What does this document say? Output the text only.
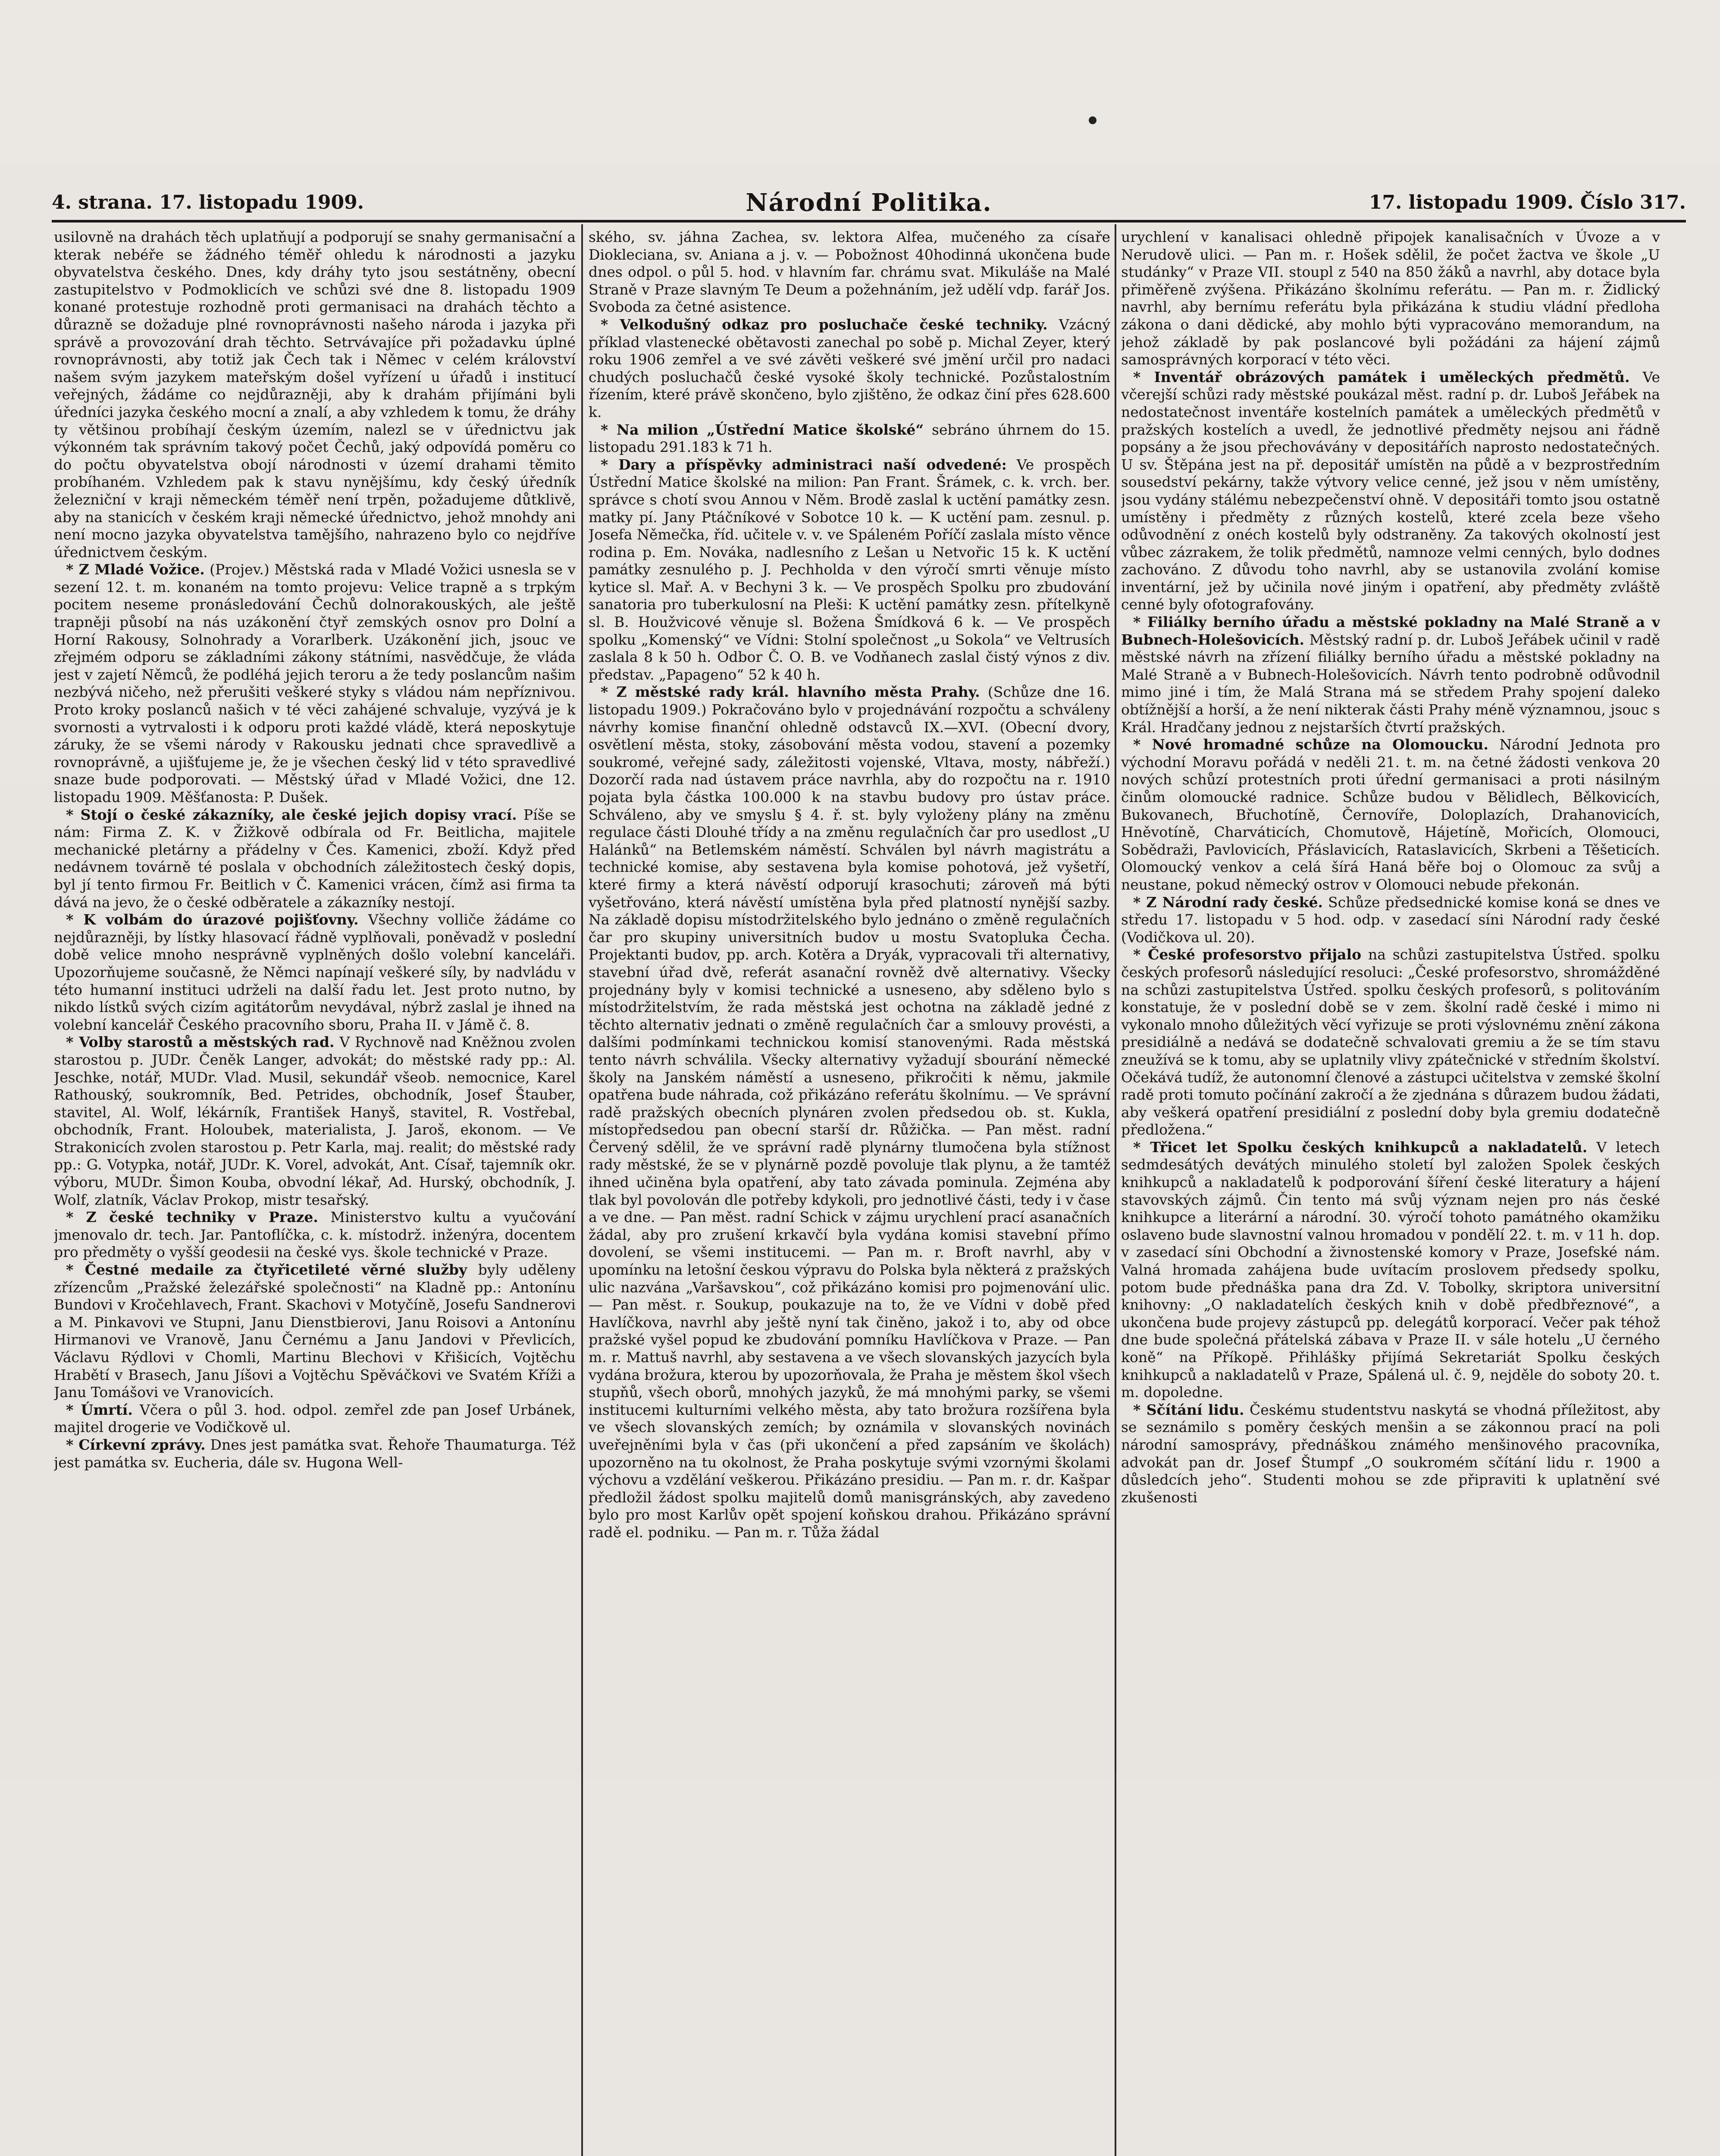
4. strana. 17. listopadu 1909.	Národní Politika.	17. listopadu 1909. Číslo 317.

usilovně na drahách těch uplatňují a podporují se snahy germanisační a kterak nebéře se žádného téměř ohledu k národnosti a jazyku obyvatelstva českého. Dnes, kdy dráhy tyto jsou sestátněny, obecní zastupitelstvo v Podmoklicích ve schůzi své dne 8. listopadu 1909 konané protestuje rozhodně proti germanisaci na drahách těchto a důrazně se dožaduje plné rovnoprávnosti našeho národa i jazyka při správě a provozování drah těchto. Setrvávajíce při požadavku úplné rovnoprávnosti, aby totiž jak Čech tak i Němec v celém království našem svým jazykem mateřským došel vyřízení u úřadů i institucí veřejných, žádáme co nejdůrazněji, aby k drahám přijímáni byli úředníci jazyka českého mocní a znalí, a aby vzhledem k tomu, že dráhy ty většinou probíhají českým územím, nalezl se v úřednictvu jak výkonném tak správním takový počet Čechů, jaký odpovídá poměru co do počtu obyvatelstva obojí národnosti v území drahami těmito probíhaném. Vzhledem pak k stavu nynějšímu, kdy český úředník železniční v kraji německém téměř není trpěn, požadujeme důtklivě, aby na stanicích v českém kraji německé úřednictvo, jehož mnohdy ani není mocno jazyka obyvatelstva tamějšího, nahrazeno bylo co nejdříve úřednictvem českým.

* Z Mladé Vožice. (Projev.) Městská rada v Mladé Vožici usnesla se v sezení 12. t. m. konaném na tomto projevu: Velice trapně a s trpkým pocitem neseme pronásledování Čechů dolnorakouských, ale ještě trapněji působí na nás uzákonění čtyř zemských osnov pro Dolní a Horní Rakousy, Solnohrady a Vorarlberk. Uzákonění jich, jsouc ve zřejmém odporu se základními zákony státními, nasvědčuje, že vláda jest v zajetí Němců, že podléhá jejich teroru a že tedy poslancům našim nezbývá ničeho, než přerušiti veškeré styky s vládou nám nepříznivou. Proto kroky poslanců našich v té věci zahájené schvaluje, vyzývá je k svornosti a vytrvalosti i k odporu proti každé vládě, která neposkytuje záruky, že se všemi národy v Rakousku jednati chce spravedlivě a rovnoprávně, a ujišťujeme je, že je všechen český lid v této spravedlivé snaze bude podporovati. — Městský úřad v Mladé Vožici, dne 12. listopadu 1909. Měšťanosta: P. Dušek.

* Stojí o české zákazníky, ale české jejich dopisy vrací. Píše se nám: Firma Z. K. v Žižkově odbírala od Fr. Beitlicha, majitele mechanické pletárny a přádelny v Čes. Kamenici, zboží. Když před nedávnem továrně té poslala v obchodních záležitostech český dopis, byl jí tento firmou Fr. Beitlich v Č. Kamenici vrácen, čímž asi firma ta dává na jevo, že o české odběratele a zákazníky nestojí.

* K volbám do úrazové pojišťovny. Všechny volliče žádáme co nejdůrazněji, by lístky hlasovací řádně vyplňovali, poněvadž v poslední době velice mnoho nesprávně vyplněných došlo volební kanceláři. Upozorňujeme současně, že Němci napínají veškeré síly, by nadvládu v této humanní instituci udrželi na další řadu let. Jest proto nutno, by nikdo lístků svých cizím agitátorům nevydával, nýbrž zaslal je ihned na volební kancelář Českého pracovního sboru, Praha II. v Jámě č. 8.

* Volby starostů a městských rad. V Rychnově nad Kněžnou zvolen starostou p. JUDr. Čeněk Langer, advokát; do městské rady pp.: Al. Jeschke, notář, MUDr. Vlad. Musil, sekundář všeob. nemocnice, Karel Rathouský, soukromník, Bed. Petrides, obchodník, Josef Štauber, stavitel, Al. Wolf, lékárník, František Hanyš, stavitel, R. Vostřebal, obchodník, Frant. Holoubek, materialista, J. Jaroš, ekonom. — Ve Strakonicích zvolen starostou p. Petr Karla, maj. realit; do městské rady pp.: G. Votypka, notář, JUDr. K. Vorel, advokát, Ant. Císař, tajemník okr. výboru, MUDr. Šimon Kouba, obvodní lékař, Ad. Hurský, obchodník, J. Wolf, zlatník, Václav Prokop, mistr tesařský.

* Z české techniky v Praze. Ministerstvo kultu a vyučování jmenovalo dr. tech. Jar. Pantoflíčka, c. k. místodrž. inženýra, docentem pro předměty o vyšší geodesii na české vys. škole technické v Praze.

* Čestné medaile za čtyřicetileté věrné služby byly uděleny zřízencům „Pražské železářské společnosti“ na Kladně pp.: Antonínu Bundovi v Kročehlavech, Frant. Skachovi v Motyčíně, Josefu Sandnerovi a M. Pinkavovi ve Stupni, Janu Dienstbierovi, Janu Roisovi a Antonínu Hirmanovi ve Vranově, Janu Černému a Janu Jandovi v Převlicích, Václavu Rýdlovi v Chomli, Martinu Blechovi v Křišicích, Vojtěchu Hrabětí v Brasech, Janu Jíšovi a Vojtěchu Spěváčkovi ve Svatém Kříži a Janu Tomášovi ve Vranovicích.

* Úmrtí. Včera o půl 3. hod. odpol. zemřel zde pan Josef Urbánek, majitel drogerie ve Vodičkově ul.

* Církevní zprávy. Dnes jest památka svat. Řehoře Thaumaturga. Též jest památka sv. Eucheria, dále sv. Hugona Well-

ského, sv. jáhna Zachea, sv. lektora Alfea, mučeného za císaře Diokleciana, sv. Aniana a j. v. — Pobožnost 40hodinná ukončena bude dnes odpol. o půl 5. hod. v hlavním far. chrámu svat. Mikuláše na Malé Straně v Praze slavným Te Deum a požehnáním, jež udělí vdp. farář Jos. Svoboda za četné asistence.

* Velkodušný odkaz pro posluchače české techniky. Vzácný příklad vlastenecké obětavosti zanechal po sobě p. Michal Zeyer, který roku 1906 zemřel a ve své závěti veškeré své jmění určil pro nadaci chudých posluchačů české vysoké školy technické. Pozůstalostním řízením, které právě skončeno, bylo zjištěno, že odkaz činí přes 628.600 k.

* Na milion „Ústřední Matice školské“ sebráno úhrnem do 15. listopadu 291.183 k 71 h.

* Dary a příspěvky administraci naší odvedené: Ve prospěch Ústřední Matice školské na milion: Pan Frant. Šrámek, c. k. vrch. ber. správce s chotí svou Annou v Něm. Brodě zaslal k uctění památky zesn. matky pí. Jany Ptáčníkové v Sobotce 10 k. — K uctění pam. zesnul. p. Josefa Němečka, říd. učitele v. v. ve Spáleném Poříčí zaslala místo věnce rodina p. Em. Nováka, nadlesního z Lešan u Netvořic 15 k. K uctění památky zesnulého p. J. Pechholda v den výročí smrti věnuje místo kytice sl. Mař. A. v Bechyni 3 k. — Ve prospěch Spolku pro zbudování sanatoria pro tuberkulosní na Pleši: K uctění památky zesn. přítelkyně sl. B. Houžvicové věnuje sl. Božena Šmídková 6 k. — Ve prospěch spolku „Komenský“ ve Vídni: Stolní společnost „u Sokola“ ve Veltrusích zaslala 8 k 50 h. Odbor Č. O. B. ve Vodňanech zaslal čistý výnos z div. představ. „Papageno“ 52 k 40 h.

* Z městské rady král. hlavního města Prahy. (Schůze dne 16. listopadu 1909.) Pokračováno bylo v projednávání rozpočtu a schváleny návrhy komise finanční ohledně odstavců IX.—XVI. (Obecní dvory, osvětlení města, stoky, zásobování města vodou, stavení a pozemky soukromé, veřejné sady, záležitosti vojenské, Vltava, mosty, nábřeží.) Dozorčí rada nad ústavem práce navrhla, aby do rozpočtu na r. 1910 pojata byla částka 100.000 k na stavbu budovy pro ústav práce. Schváleno, aby ve smyslu § 4. ř. st. byly vyloženy plány na změnu regulace části Dlouhé třídy a na změnu regulačních čar pro usedlost „U Halánků“ na Betlemském náměstí. Schválen byl návrh magistrátu a technické komise, aby sestavena byla komise pohotová, jež vyšetří, které firmy a která návěstí odporují krasochuti; zároveň má býti vyšetřováno, která návěstí umístěna byla před platností nynější sazby. Na základě dopisu místodržitelského bylo jednáno o změně regulačních čar pro skupiny universitních budov u mostu Svatopluka Čecha. Projektanti budov, pp. arch. Kotěra a Dryák, vypracovali tři alternativy, stavební úřad dvě, referát asanační rovněž dvě alternativy. Všecky projednány byly v komisi technické a usneseno, aby sděleno bylo s místodržitelstvím, že rada městská jest ochotna na základě jedné z těchto alternativ jednati o změně regulačních čar a smlouvy provésti, a dalšími podmínkami technickou komisí stanovenými. Rada městská tento návrh schválila. Všecky alternativy vyžadují sbourání německé školy na Janském náměstí a usneseno, přikročiti k němu, jakmile opatřena bude náhrada, což přikázáno referátu školnímu. — Ve správní radě pražských obecních plynáren zvolen předsedou ob. st. Kukla, místopředsedou pan obecní starší dr. Růžička. — Pan měst. radní Červený sdělil, že ve správní radě plynárny tlumočena byla stížnost rady městské, že se v plynárně pozdě povoluje tlak plynu, a že tamtéž ihned učiněna byla opatření, aby tato závada pominula. Zejména aby tlak byl povolován dle potřeby kdykoli, pro jednotlivé části, tedy i v čase a ve dne. — Pan měst. radní Schick v zájmu urychlení prací asanačních žádal, aby pro zrušení krkavčí byla vydána komisi stavební přímo dovolení, se všemi institucemi. — Pan m. r. Broft navrhl, aby v upomínku na letošní českou výpravu do Polska byla některá z pražských ulic nazvána „Varšavskou“, což přikázáno komisi pro pojmenování ulic. — Pan měst. r. Soukup, poukazuje na to, že ve Vídni v době před Havlíčkova, navrhl aby ještě nyní tak činěno, jakož i to, aby od obce pražské vyšel popud ke zbudování pomníku Havlíčkova v Praze. — Pan m. r. Mattuš navrhl, aby sestavena a ve všech slovanských jazycích byla vydána brožura, kterou by upozorňovala, že Praha je městem škol všech stupňů, všech oborů, mnohých jazyků, že má mnohými parky, se všemi institucemi kulturními velkého města, aby tato brožura rozšířena byla ve všech slovanských zemích; by oznámila v slovanských novinách uveřejněními byla v čas (při ukončení a před zapsáním ve školách) upozorněno na tu okolnost, že Praha poskytuje svými vzornými školami výchovu a vzdělání veškerou. Přikázáno presidiu. — Pan m. r. dr. Kašpar předložil žádost spolku majitelů domů manisgránských, aby zavedeno bylo pro most Karlův opět spojení koňskou drahou. Přikázáno správní radě el. podniku. — Pan m. r. Tůža žádal

urychlení v kanalisaci ohledně připojek kanalisačních v Úvoze a v Nerudově ulici. — Pan m. r. Hošek sdělil, že počet žactva ve škole „U studánky“ v Praze VII. stoupl z 540 na 850 žáků a navrhl, aby dotace byla přiměřeně zvýšena. Přikázáno školnímu referátu. — Pan m. r. Židlický navrhl, aby bernímu referátu byla přikázána k studiu vládní předloha zákona o dani dědické, aby mohlo býti vypracováno memorandum, na jehož základě by pak poslancové byli požádáni za hájení zájmů samosprávných korporací v této věci.

* Inventář obrázových památek i uměleckých předmětů. Ve včerejší schůzi rady městské poukázal měst. radní p. dr. Luboš Jeřábek na nedostatečnost inventáře kostelních památek a uměleckých předmětů v pražských kostelích a uvedl, že jednotlivé předměty nejsou ani řádně popsány a že jsou přechovávány v depositářích naprosto nedostatečných. U sv. Štěpána jest na př. depositář umístěn na půdě a v bezprostředním sousedství pekárny, takže výtvory velice cenné, jež jsou v něm umístěny, jsou vydány stálému nebezpečenství ohně. V depositáři tomto jsou ostatně umístěny i předměty z různých kostelů, které zcela beze všeho odůvodnění z onéch kostelů byly odstraněny. Za takových okolností jest vůbec zázrakem, že tolik předmětů, namnoze velmi cenných, bylo dodnes zachováno. Z důvodu toho navrhl, aby se ustanovila zvolání komise inventární, jež by učinila nové jiným i opatření, aby předměty zvláště cenné byly ofotografovány.

* Filiálky berního úřadu a městské pokladny na Malé Straně a v Bubnech-Holešovicích. Městský radní p. dr. Luboš Jeřábek učinil v radě městské návrh na zřízení filiálky berního úřadu a městské pokladny na Malé Straně a v Bubnech-Holešovicích. Návrh tento podrobně odůvodnil mimo jiné i tím, že Malá Strana má se středem Prahy spojení daleko obtížnější a horší, a že není nikterak části Prahy méně významnou, jsouc s Král. Hradčany jednou z nejstarších čtvrtí pražských.

* Nové hromadné schůze na Olomoucku. Národní Jednota pro východní Moravu pořádá v neděli 21. t. m. na četné žádosti venkova 20 nových schůzí protestních proti úřední germanisaci a proti násilným činům olomoucké radnice. Schůze budou v Bělidlech, Bělkovicích, Bukovanech, Břuchotíně, Černovíře, Doloplazích, Drahanovicích, Hněvotíně, Charváticích, Chomutově, Hájetíně, Mořicích, Olomouci, Sobědraži, Pavlovicích, Přáslavicích, Rataslavicích, Skrbeni a Těšeticích. Olomoucký venkov a celá šírá Haná běře boj o Olomouc za svůj a neustane, pokud německý ostrov v Olomouci nebude překonán.

* Z Národní rady české. Schůze předsednické komise koná se dnes ve středu 17. listopadu v 5 hod. odp. v zasedací síni Národní rady české (Vodičkova ul. 20).

* České profesorstvo přijalo na schůzi zastupitelstva Ústřed. spolku českých profesorů následující resoluci: „České profesorstvo, shromážděné na schůzi zastupitelstva Ústřed. spolku českých profesorů, s politováním konstatuje, že v poslední době se v zem. školní radě české i mimo ni vykonalo mnoho důležitých věcí vyřizuje se proti výslovnému znění zákona presidiálně a nedává se dodatečně schvalovati gremiu a že se tím stavu zneužívá se k tomu, aby se uplatnily vlivy zpátečnické v středním školství. Očekává tudíž, že autonomní členové a zástupci učitelstva v zemské školní radě proti tomuto počínání zakročí a že zjednána s důrazem budou žádati, aby veškerá opatření presidiální z poslední doby byla gremiu dodatečně předložena.“

* Třicet let Spolku českých knihkupců a nakladatelů. V letech sedmdesátých devátých minulého století byl založen Spolek českých knihkupců a nakladatelů k podporování šíření české literatury a hájení stavovských zájmů. Čin tento má svůj význam nejen pro nás české knihkupce a literární a národní. 30. výročí tohoto památného okamžiku oslaveno bude slavnostní valnou hromadou v pondělí 22. t. m. v 11 h. dop. v zasedací síni Obchodní a živnostenské komory v Praze, Josefské nám. Valná hromada zahájena bude uvítacím proslovem předsedy spolku, potom bude přednáška pana dra Zd. V. Tobolky, skriptora universitní knihovny: „O nakladatelích českých knih v době předbřeznové“, a ukončena bude projevy zástupců pp. delegátů korporací. Večer pak téhož dne bude společná přátelská zábava v Praze II. v sále hotelu „U černého koně“ na Příkopě. Přihlášky přijímá Sekretariát Spolku českých knihkupců a nakladatelů v Praze, Spálená ul. č. 9, nejděle do soboty 20. t. m. dopoledne.

* Sčítání lidu. Českému studentstvu naskytá se vhodná příležitost, aby se seznámilo s poměry českých menšin a se zákonnou prací na poli národní samosprávy, přednáškou známého menšinového pracovníka, advokát pan dr. Josef Štumpf „O soukromém sčítání lidu r. 1900 a důsledcích jeho“. Studenti mohou se zde připraviti k uplatnění své zkušenosti
